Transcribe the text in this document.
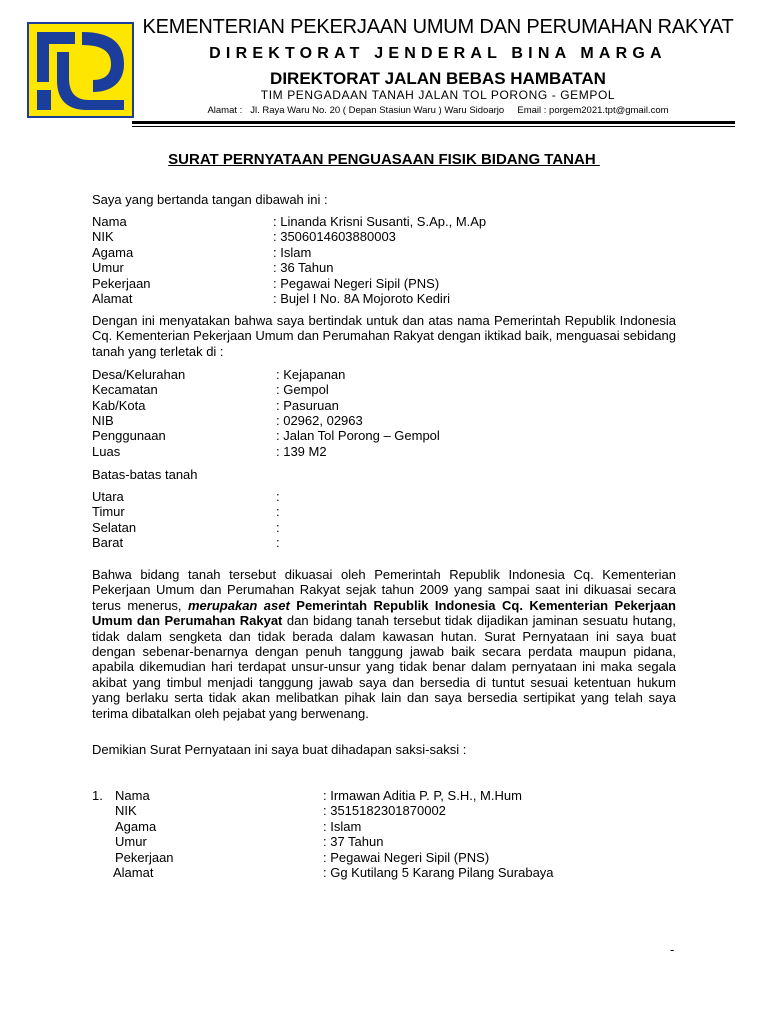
KEMENTERIAN PEKERJAAN UMUM DAN PERUMAHAN RAKYAT
DIREKTORAT JENDERAL BINA MARGA
DIREKTORAT JALAN BEBAS HAMBATAN
TIM PENGADAAN TANAH JALAN TOL PORONG - GEMPOL
Alamat :   Jl. Raya Waru No. 20 ( Depan Stasiun Waru ) Waru Sidoarjo     Email : porgem2021.tpt@gmail.com
SURAT PERNYATAAN PENGUASAAN FISIK BIDANG TANAH
Saya yang bertanda tangan dibawah ini :
Nama	: Linanda Krisni Susanti, S.Ap., M.Ap
NIK	: 3506014603880003
Agama	: Islam
Umur	: 36 Tahun
Pekerjaan	: Pegawai Negeri Sipil (PNS)
Alamat	: Bujel I No. 8A Mojoroto Kediri
Dengan ini menyatakan bahwa saya bertindak untuk dan atas nama Pemerintah Republik Indonesia Cq. Kementerian Pekerjaan Umum dan Perumahan Rakyat dengan iktikad baik, menguasai sebidang tanah yang terletak di :
Desa/Kelurahan	: Kejapanan
Kecamatan	: Gempol
Kab/Kota	: Pasuruan
NIB	: 02962, 02963
Penggunaan	: Jalan Tol Porong – Gempol
Luas	: 139 M2
Batas-batas tanah
Utara	:
Timur	:
Selatan	:
Barat	:
Bahwa bidang tanah tersebut dikuasai oleh Pemerintah Republik Indonesia Cq. Kementerian Pekerjaan Umum dan Perumahan Rakyat sejak tahun 2009 yang sampai saat ini dikuasai secara terus menerus, merupakan aset Pemerintah Republik Indonesia Cq. Kementerian Pekerjaan Umum dan Perumahan Rakyat dan bidang tanah tersebut tidak dijadikan jaminan sesuatu hutang, tidak dalam sengketa dan tidak berada dalam kawasan hutan. Surat Pernyataan ini saya buat dengan sebenar-benarnya dengan penuh tanggung jawab baik secara perdata maupun pidana, apabila dikemudian hari terdapat unsur-unsur yang tidak benar dalam pernyataan ini maka segala akibat yang timbul menjadi tanggung jawab saya dan bersedia di tuntut sesuai ketentuan hukum yang berlaku serta tidak akan melibatkan pihak lain dan saya bersedia sertipikat yang telah saya terima dibatalkan oleh pejabat yang berwenang.
Demikian Surat Pernyataan ini saya buat dihadapan saksi-saksi :
1. Nama	: Irmawan Aditia P. P, S.H., M.Hum
NIK	: 3515182301870002
Agama	: Islam
Umur	: 37 Tahun
Pekerjaan	: Pegawai Negeri Sipil (PNS)
Alamat	: Gg Kutilang 5 Karang Pilang Surabaya
-
